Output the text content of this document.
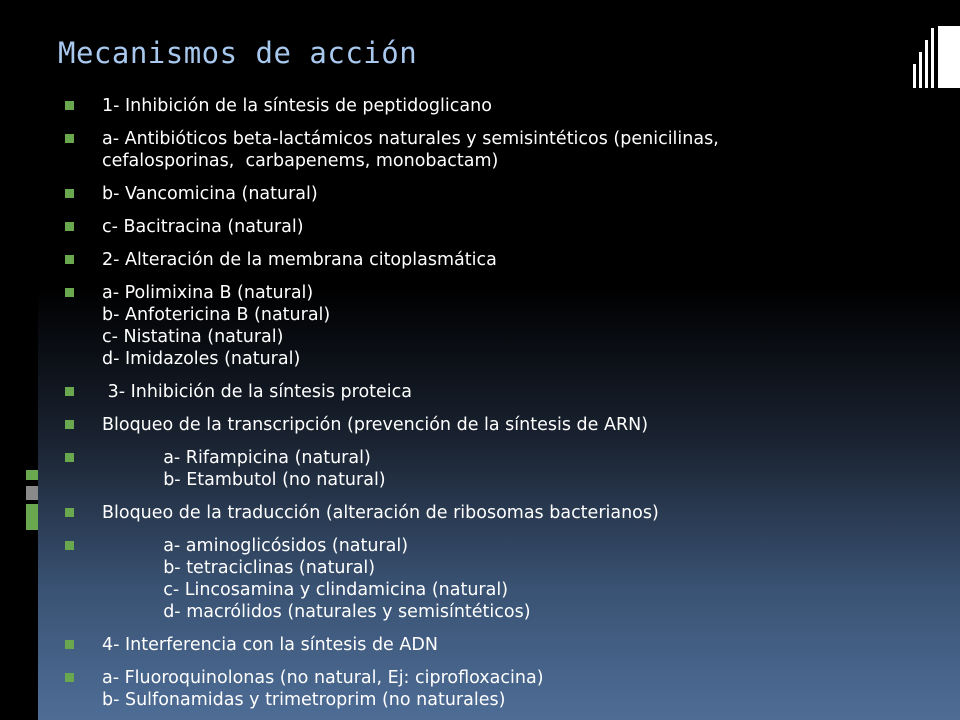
Mecanismos de acción
1- Inhibición de la síntesis de peptidoglicano
a- Antibióticos beta-lactámicos naturales y semisintéticos (penicilinas,
cefalosporinas,  carbapenems, monobactam)
b- Vancomicina (natural)
c- Bacitracina (natural)
2- Alteración de la membrana citoplasmática
a- Polimixina B (natural)
b- Anfotericina B (natural)
c- Nistatina (natural)
d- Imidazoles (natural)
3- Inhibición de la síntesis proteica
Bloqueo de la transcripción (prevención de la síntesis de ARN)
a- Rifampicina (natural)
b- Etambutol (no natural)
Bloqueo de la traducción (alteración de ribosomas bacterianos)
a- aminoglicósidos (natural)
b- tetraciclinas (natural)
c- Lincosamina y clindamicina (natural)
d- macrólidos (naturales y semisíntéticos)
4- Interferencia con la síntesis de ADN
a- Fluoroquinolonas (no natural, Ej: ciprofloxacina)
b- Sulfonamidas y trimetroprim (no naturales)
